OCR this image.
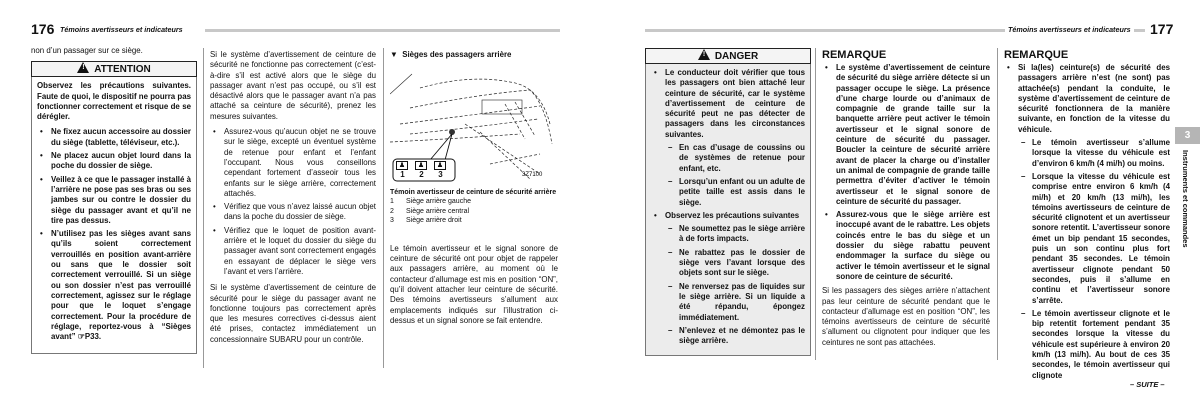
176 Témoins avertisseurs et indicateurs

non d’un passager sur ce siège.

! ATTENTION

Observez les précautions suivantes. Faute de quoi, le dispositif ne pourra pas fonctionner correctement et risque de se dérégler.

• Ne fixez aucun accessoire au dossier du siège (tablette, téléviseur, etc.).
• Ne placez aucun objet lourd dans la poche du dossier de siège.
• Veillez à ce que le passager installé à l’arrière ne pose pas ses bras ou ses jambes sur ou contre le dossier du siège du passager avant et qu’il ne tire pas dessus.
• N’utilisez pas les sièges avant sans qu’ils soient correctement verrouillés en position avant-arrière ou sans que le dossier soit correctement verrouillé. Si un siège ou son dossier n’est pas verrouillé correctement, agissez sur le réglage pour que le loquet s’engage correctement. Pour la procédure de réglage, reportez-vous à “Sièges avant” ☞P33.

Si le système d’avertissement de ceinture de sécurité ne fonctionne pas correctement (c’est-à-dire s’il est activé alors que le siège du passager avant n’est pas occupé, ou s’il est désactivé alors que le passager avant n’a pas attaché sa ceinture de sécurité), prenez les mesures suivantes.

• Assurez-vous qu’aucun objet ne se trouve sur le siège, excepté un éventuel système de retenue pour enfant et l’enfant l’occupant. Nous vous conseillons cependant fortement d’asseoir tous les enfants sur le siège arrière, correctement attachés.
• Vérifiez que vous n’avez laissé aucun objet dans la poche du dossier de siège.
• Vérifiez que le loquet de position avant-arrière et le loquet du dossier du siège du passager avant sont correctement engagés en essayant de déplacer le siège vers l’avant et vers l’arrière.

Si le système d’avertissement de ceinture de sécurité pour le siège du passager avant ne fonctionne toujours pas correctement après que les mesures correctives ci-dessus aient été prises, contactez immédiatement un concessionnaire SUBARU pour un contrôle.

▼ Sièges des passagers arrière
3Z7100
♟
1
♟
2
♟
3
Témoin avertisseur de ceinture de sécurité arrière
1	Siège arrière gauche
2	Siège arrière central
3	Siège arrière droit

Le témoin avertisseur et le signal sonore de ceinture de sécurité ont pour objet de rappeler aux passagers arrière, au moment où le contacteur d’allumage est mis en position “ON”, qu’il doivent attacher leur ceinture de sécurité. Des témoins avertisseurs s’allument aux emplacements indiqués sur l’illustration ci-dessus et un signal sonore se fait entendre.

Témoins avertisseurs et indicateurs 177
3
Instruments et commandes
! DANGER
• Le conducteur doit vérifier que tous les passagers ont bien attaché leur ceinture de sécurité, car le système d’avertissement de ceinture de sécurité peut ne pas détecter de passagers dans les circonstances suivantes.
– En cas d’usage de coussins ou de systèmes de retenue pour enfant, etc.
– Lorsqu’un enfant ou un adulte de petite taille est assis dans le siège.
• Observez les précautions suivantes
– Ne soumettez pas le siège arrière à de forts impacts.
– Ne rabattez pas le dossier de siège vers l’avant lorsque des objets sont sur le siège.
– Ne renversez pas de liquides sur le siège arrière. Si un liquide a été répandu, épongez immédiatement.
– N’enlevez et ne démontez pas le siège arrière.
REMARQUE
• Le système d’avertissement de ceinture de sécurité du siège arrière détecte si un passager occupe le siège. La présence d’une charge lourde ou d’animaux de compagnie de grande taille sur la banquette arrière peut activer le témoin avertisseur et le signal sonore de ceinture de sécurité du passager. Boucler la ceinture de sécurité arrière avant de placer la charge ou d’installer un animal de compagnie de grande taille permettra d’éviter d’activer le témoin avertisseur et le signal sonore de ceinture de sécurité du passager.
• Assurez-vous que le siège arrière est inoccupé avant de le rabattre. Les objets coincés entre le bas du siège et un dossier du siège rabattu peuvent endommager la surface du siège ou activer le témoin avertisseur et le signal sonore de ceinture de sécurité.

Si les passagers des sièges arrière n’attachent pas leur ceinture de sécurité pendant que le contacteur d’allumage est en position “ON”, les témoins avertisseurs de ceinture de sécurité s’allument ou clignotent pour indiquer que les ceintures ne sont pas attachées.

REMARQUE
• Si la(les) ceinture(s) de sécurité des passagers arrière n’est (ne sont) pas attachée(s) pendant la conduite, le système d’avertissement de ceinture de sécurité fonctionnera de la manière suivante, en fonction de la vitesse du véhicule.
– Le témoin avertisseur s’allume lorsque la vitesse du véhicule est d’environ 6 km/h (4 mi/h) ou moins.
– Lorsque la vitesse du véhicule est comprise entre environ 6 km/h (4 mi/h) et 20 km/h (13 mi/h), les témoins avertisseurs de ceinture de sécurité clignotent et un avertisseur sonore retentit. L’avertisseur sonore émet un bip pendant 15 secondes, puis un son continu plus fort pendant 35 secondes. Le témoin avertisseur clignote pendant 50 secondes, puis il s’allume en continu et l’avertisseur sonore s’arrête.
– Le témoin avertisseur clignote et le bip retentit fortement pendant 35 secondes lorsque la vitesse du véhicule est supérieure à environ 20 km/h (13 mi/h). Au bout de ces 35 secondes, le témoin avertisseur qui clignote
– SUITE –
